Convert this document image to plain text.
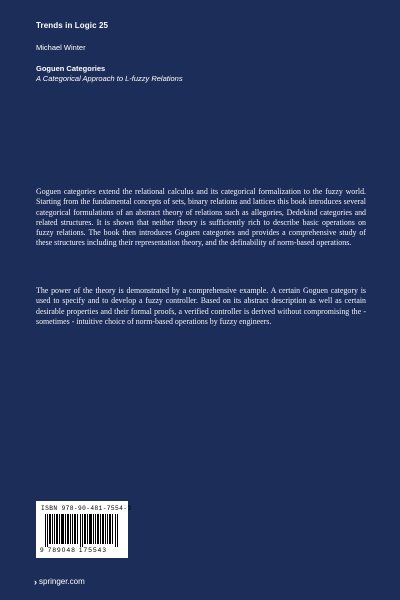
Trends in Logic 25
Michael Winter
Goguen Categories
A Categorical Approach to L-fuzzy Relations

Goguen categories extend the relational calculus and its categorical formalization to the fuzzy world. Starting from the fundamental concepts of sets, binary relations and lattices this book introduces several categorical formulations of an abstract theory of relations such as allegories, Dedekind categories and related structures. It is shown that neither theory is sufficiently rich to describe basic operations on fuzzy relations. The book then introduces Goguen categories and provides a comprehensive study of these structures including their representation theory, and the definability of norm-based operations.

The power of the theory is demonstrated by a comprehensive example. A certain Goguen category is used to specify and to develop a fuzzy controller. Based on its abstract description as well as certain desirable properties and their formal proofs, a verified controller is derived without compromising the - sometimes - intuitive choice of norm-based operations by fuzzy engineers.

ISBN 978-90-481-7554-3
9 789048 175543
› springer.com
